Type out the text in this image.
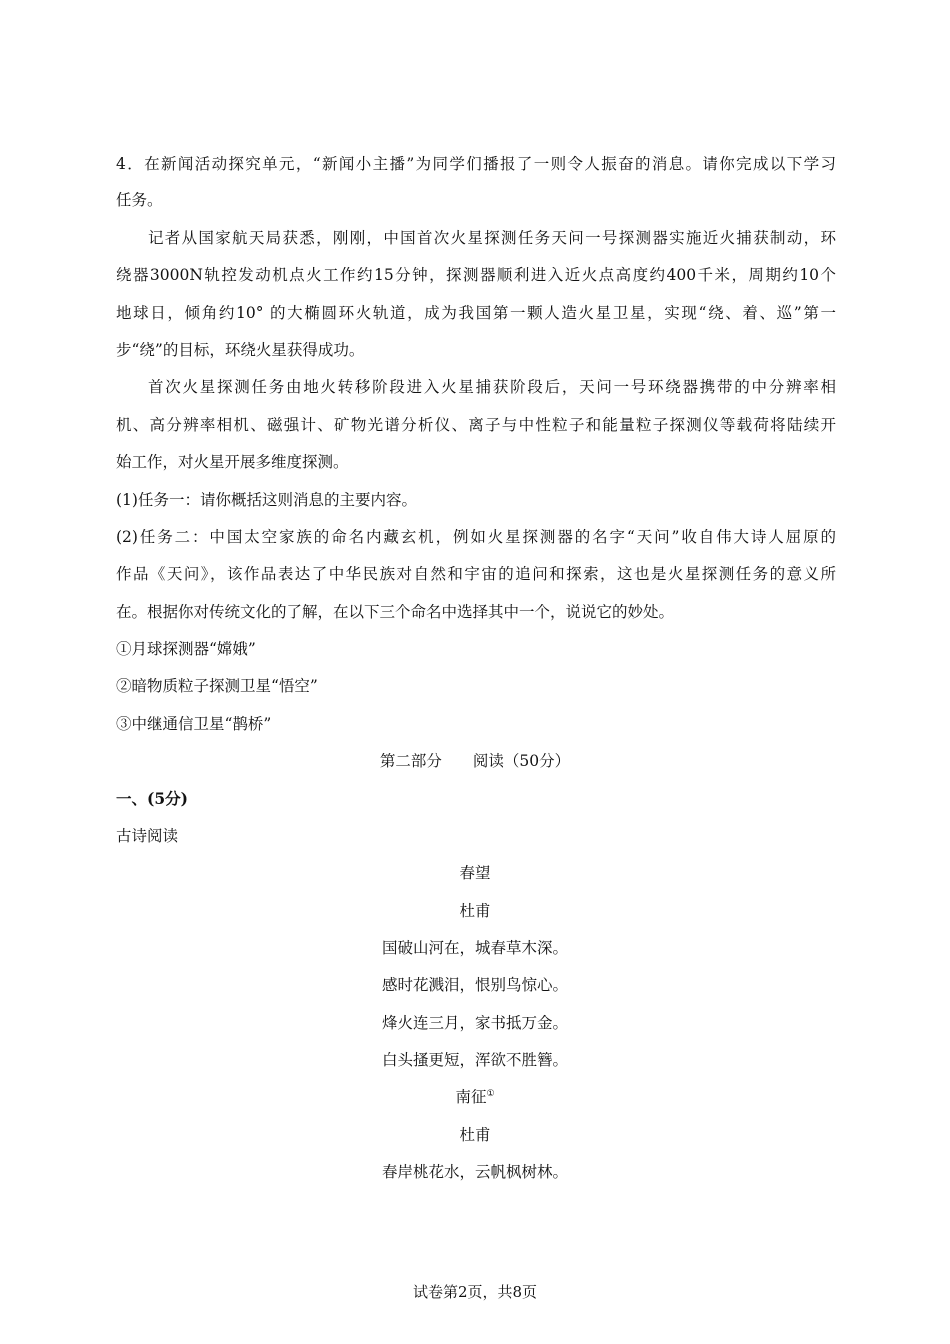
4．在新闻活动探究单元，“新闻小主播”为同学们播报了一则令人振奋的消息。请你完成以下学习
任务。
记者从国家航天局获悉，刚刚，中国首次火星探测任务天问一号探测器实施近火捕获制动，环
绕器3000N轨控发动机点火工作约15分钟，探测器顺利进入近火点高度约400千米，周期约10个
地球日，倾角约10° 的大椭圆环火轨道，成为我国第一颗人造火星卫星，实现“绕、着、巡”第一
步“绕”的目标，环绕火星获得成功。
首次火星探测任务由地火转移阶段进入火星捕获阶段后，天问一号环绕器携带的中分辨率相
机、高分辨率相机、磁强计、矿物光谱分析仪、离子与中性粒子和能量粒子探测仪等载荷将陆续开
始工作，对火星开展多维度探测。
(1)任务一：请你概括这则消息的主要内容。
(2)任务二：中国太空家族的命名内藏玄机，例如火星探测器的名字“天问”收自伟大诗人屈原的
作品《天问》，该作品表达了中华民族对自然和宇宙的追问和探索，这也是火星探测任务的意义所
在。根据你对传统文化的了解，在以下三个命名中选择其中一个，说说它的妙处。
①月球探测器“嫦娥”
②暗物质粒子探测卫星“悟空”
③中继通信卫星“鹊桥”
第二部分　　阅读（50分）
一、(5分)
古诗阅读
春望
杜甫
国破山河在，城春草木深。
感时花溅泪，恨别鸟惊心。
烽火连三月，家书抵万金。
白头搔更短，浑欲不胜簪。
南征①
杜甫
春岸桃花水，云帆枫树林。
试卷第2页，共8页
